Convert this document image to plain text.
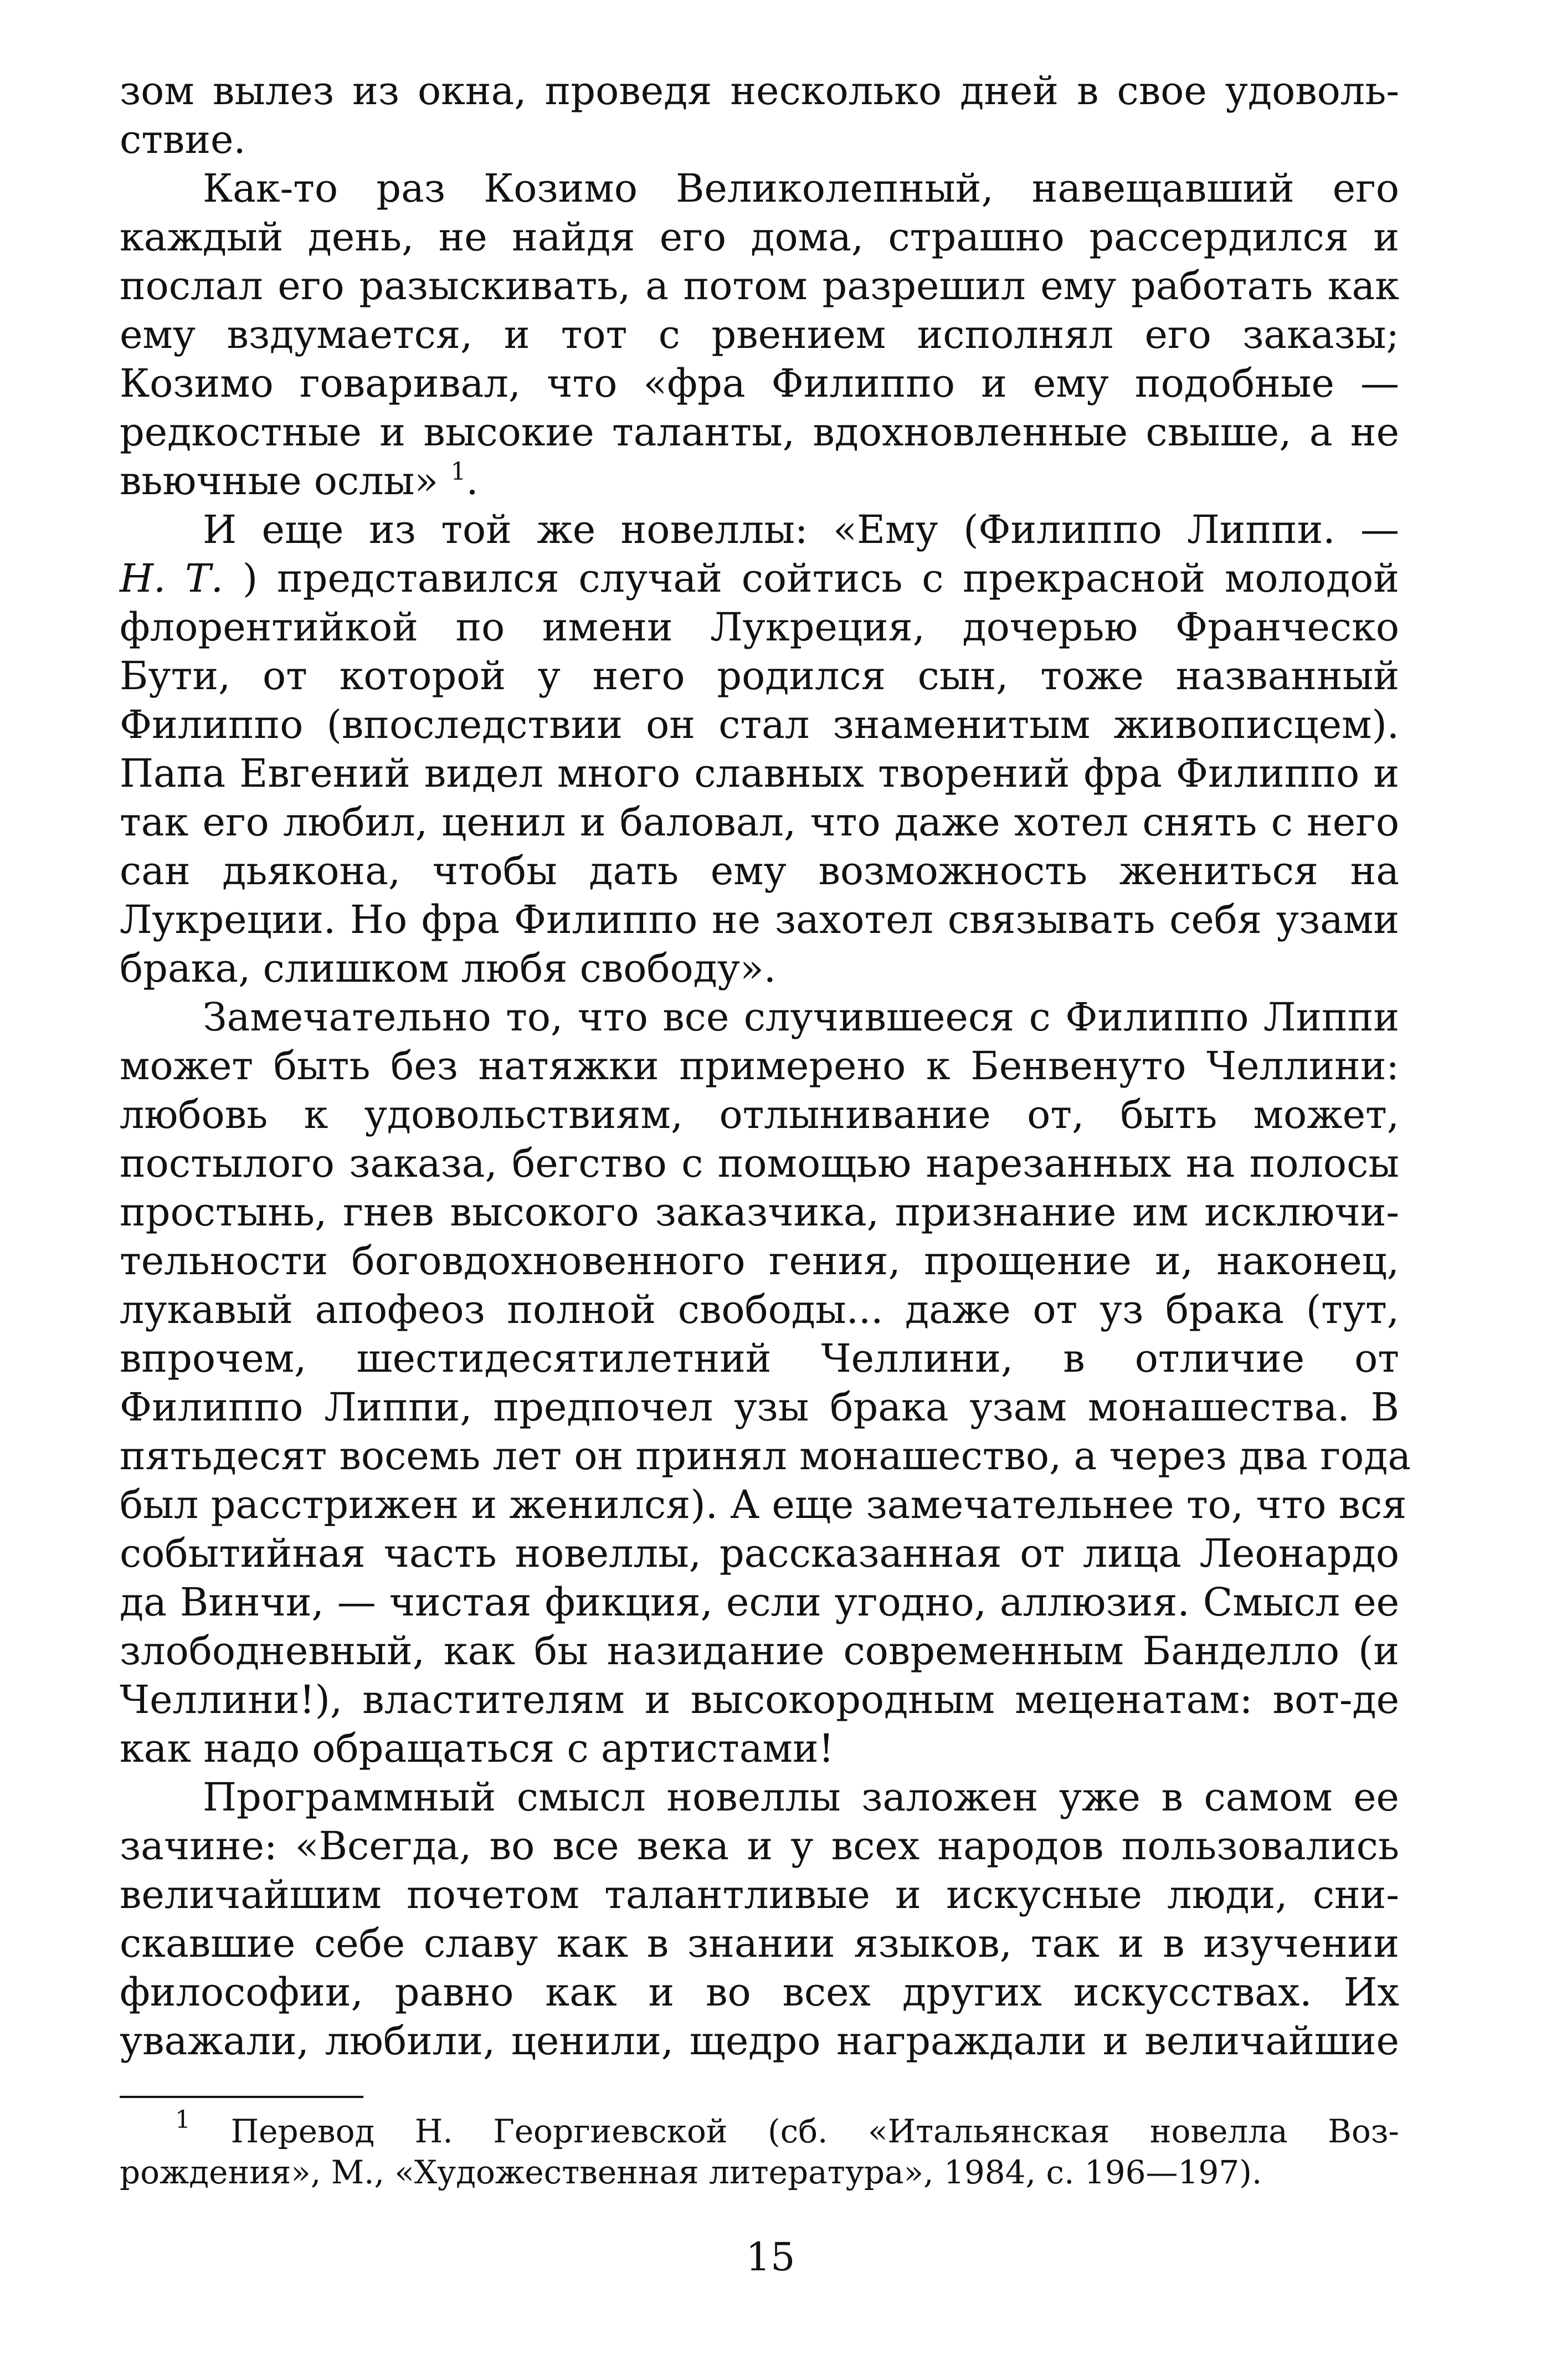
зом вылез из окна, проведя несколько дней в свое удоволь-
ствие.
Как-то раз Козимо Великолепный, навещавший его
каждый день, не найдя его дома, страшно рассердился и
послал его разыскивать, а потом разрешил ему работать как
ему вздумается, и тот с рвением исполнял его заказы;
Козимо говаривал, что «фра Филиппо и ему подобные —
редкостные и высокие таланты, вдохновленные свыше, а не
вьючные ослы» $^1$.
И еще из той же новеллы: «Ему (Филиппо Липпи. —
Н. Т. ) представился случай сойтись с прекрасной молодой
флорентийкой по имени Лукреция, дочерью Франческо
Бути, от которой у него родился сын, тоже названный
Филиппо (впоследствии он стал знаменитым живописцем).
Папа Евгений видел много славных творений фра Филиппо и
так его любил, ценил и баловал, что даже хотел снять с него
сан дьякона, чтобы дать ему возможность жениться на
Лукреции. Но фра Филиппо не захотел связывать себя узами
брака, слишком любя свободу».
Замечательно то, что все случившееся с Филиппо Липпи
может быть без натяжки примерено к Бенвенуто Челлини:
любовь к удовольствиям, отлынивание от, быть может,
постылого заказа, бегство с помощью нарезанных на полосы
простынь, гнев высокого заказчика, признание им исключи-
тельности боговдохновенного гения, прощение и, наконец,
лукавый апофеоз полной свободы... даже от уз брака (тут,
впрочем, шестидесятилетний Челлини, в отличие от
Филиппо Липпи, предпочел узы брака узам монашества. В
пятьдесят восемь лет он принял монашество, а через два года
был расстрижен и женился). А еще замечательнее то, что вся
событийная часть новеллы, рассказанная от лица Леонардо
да Винчи, — чистая фикция, если угодно, аллюзия. Смысл ее
злободневный, как бы назидание современным Банделло (и
Челлини!), властителям и высокородным меценатам: вот-де
как надо обращаться с артистами!
Программный смысл новеллы заложен уже в самом ее
зачине: «Всегда, во все века и у всех народов пользовались
величайшим почетом талантливые и искусные люди, сни-
скавшие себе славу как в знании языков, так и в изучении
философии, равно как и во всех других искусствах. Их
уважали, любили, ценили, щедро награждали и величайшие
$^1$ Перевод Н. Георгиевской (сб. «Итальянская новелла Воз-
рождения», М., «Художественная литература», 1984, с. 196—197).
15
